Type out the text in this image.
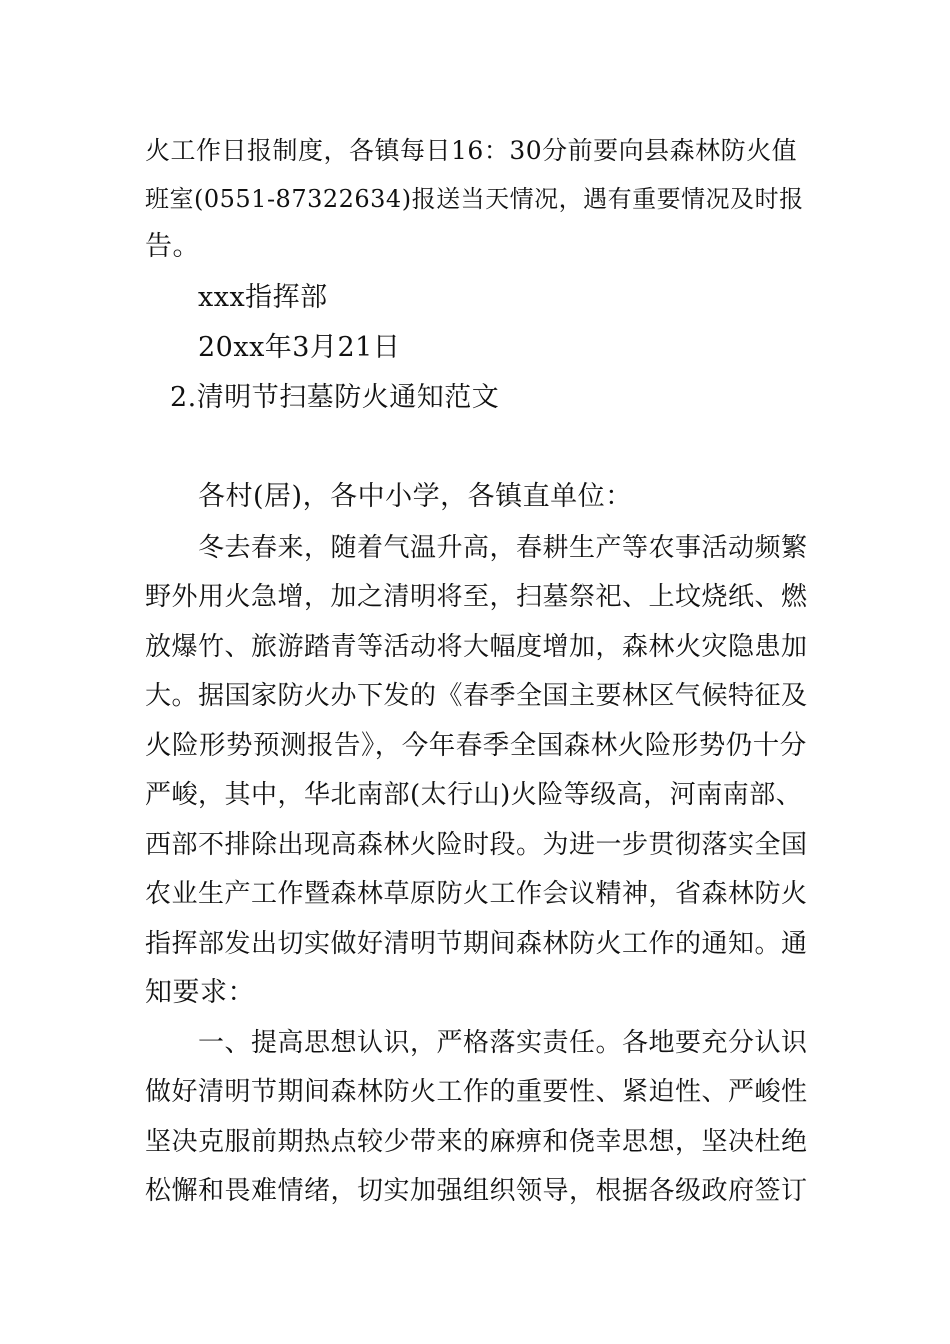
火工作日报制度，各镇每日16：30分前要向县森林防火值
班室(0551-87322634)报送当天情况，遇有重要情况及时报
告。
xxx指挥部
20xx年3月21日
2.清明节扫墓防火通知范文
各村(居)，各中小学，各镇直单位：
冬去春来，随着气温升高，春耕生产等农事活动频繁
野外用火急增，加之清明将至，扫墓祭祀、上坟烧纸、燃
放爆竹、旅游踏青等活动将大幅度增加，森林火灾隐患加
大。据国家防火办下发的《春季全国主要林区气候特征及
火险形势预测报告》，今年春季全国森林火险形势仍十分
严峻，其中，华北南部(太行山)火险等级高，河南南部、
西部不排除出现高森林火险时段。为进一步贯彻落实全国
农业生产工作暨森林草原防火工作会议精神，省森林防火
指挥部发出切实做好清明节期间森林防火工作的通知。通
知要求：
一、提高思想认识，严格落实责任。各地要充分认识
做好清明节期间森林防火工作的重要性、紧迫性、严峻性
坚决克服前期热点较少带来的麻痹和侥幸思想，坚决杜绝
松懈和畏难情绪，切实加强组织领导，根据各级政府签订
